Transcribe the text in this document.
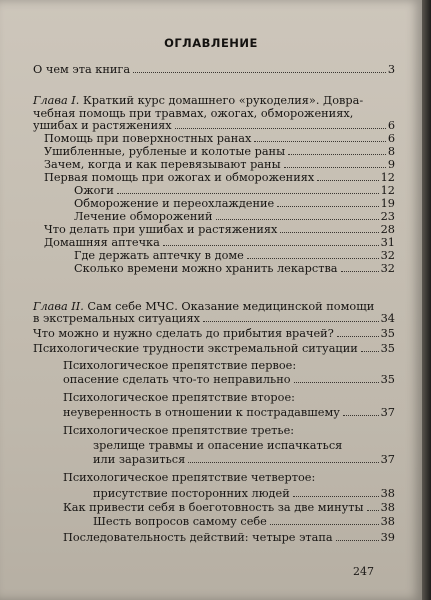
ОГЛАВЛЕНИЕ
О чем эта книга	3
Глава I. Краткий курс домашнего «рукоделия». Довра-
чебная помощь при травмах, ожогах, обморожениях,
ушибах и растяжениях	6
Помощь при поверхностных ранах	6
Ушибленные, рубленые и колотые раны	8
Зачем, когда и как перевязывают раны	9
Первая помощь при ожогах и обморожениях	12
Ожоги	12
Обморожение и переохлаждение	19
Лечение обморожений	23
Что делать при ушибах и растяжениях	28
Домашняя аптечка	31
Где держать аптечку в доме	32
Сколько времени можно хранить лекарства	32
Глава II. Сам себе МЧС. Оказание медицинской помощи
в экстремальных ситуациях	34
Что можно и нужно сделать до прибытия врачей?	35
Психологические трудности экстремальной ситуации 35
Психологическое препятствие первое:
опасение сделать что-то неправильно	35
Психологическое препятствие второе:
неуверенность в отношении к пострадавшему	37
Психологическое препятствие третье:
зрелище травмы и опасение испачкаться
или заразиться	37
Психологическое препятствие четвертое:
присутствие посторонних людей	38
Как привести себя в боеготовность за две минуты 38
Шесть вопросов самому себе	38
Последовательность действий: четыре этапа	39
247
